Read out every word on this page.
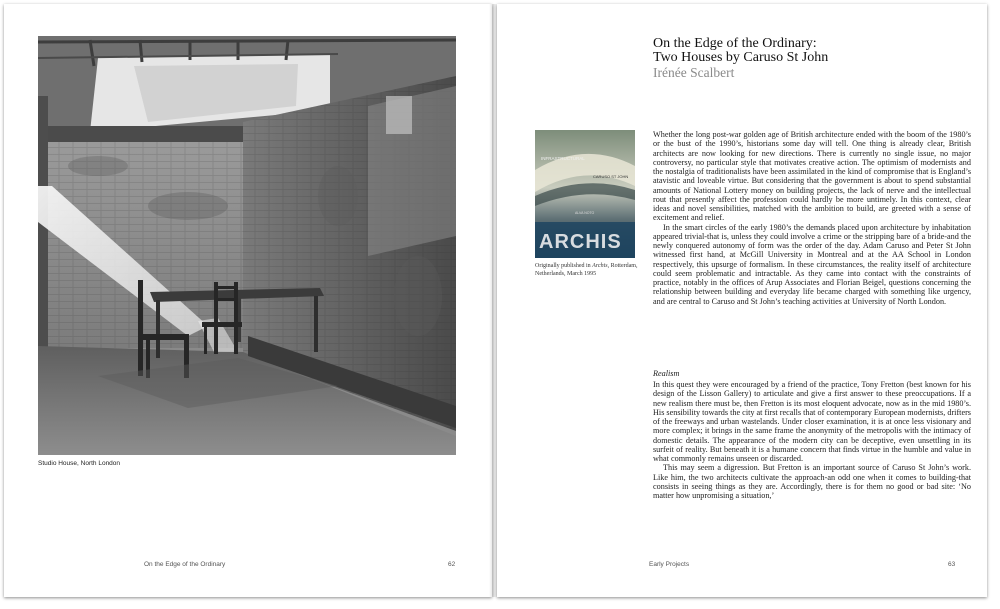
Studio House, North London
On the Edge of the Ordinary	62
On the Edge of the Ordinary:
Two Houses by Caruso St John
Irénée Scalbert
INFRASTRUCTURAL
CARUSO ST JOHN
ALVA NOTO
ARCHIS
Originally published in Archis, Rotterdam, Netherlands, March 1995

Whether the long post-war golden age of British architecture ended with the boom of the 1980’s or the bust of the 1990’s, historians some day will tell. One thing is already clear, British architects are now looking for new directions. There is currently no single issue, no major controversy, no particular style that motivates creative action. The optimism of modernists and the nostalgia of traditionalists have been assimilated in the kind of compromise that is England’s atavistic and loveable virtue. But considering that the government is about to spend substantial amounts of National Lottery money on building projects, the lack of nerve and the intellectual rout that presently affect the profession could hardly be more untimely. In this context, clear ideas and novel sensibilities, matched with the ambition to build, are greeted with a sense of excitement and relief.

In the smart circles of the early 1980’s the demands placed upon architecture by inhabitation appeared trivial-that is, unless they could involve a crime or the stripping bare of a bride-and the newly conquered autonomy of form was the order of the day. Adam Caruso and Peter St John witnessed first hand, at McGill University in Montreal and at the AA School in London respectively, this upsurge of formalism. In these circumstances, the reality itself of architecture could seem problematic and intractable. As they came into contact with the constraints of practice, notably in the offices of Arup Associates and Florian Beigel, questions concerning the relationship between building and everyday life became charged with something like urgency, and are central to Caruso and St John’s teaching activities at University of North London.

Realism

In this quest they were encouraged by a friend of the practice, Tony Fretton (best known for his design of the Lisson Gallery) to articulate and give a first answer to these preoccupations. If a new realism there must be, then Fretton is its most eloquent advocate, now as in the mid 1980’s. His sensibility towards the city at first recalls that of contemporary European modernists, drifters of the freeways and urban wastelands. Under closer examination, it is at once less visionary and more complex; it brings in the same frame the anonymity of the metropolis with the intimacy of domestic details. The appearance of the modern city can be deceptive, even unsettling in its surfeit of reality. But beneath it is a humane concern that finds virtue in the humble and value in what commonly remains unseen or discarded.

This may seem a digression. But Fretton is an important source of Caruso St John’s work. Like him, the two architects cultivate the approach-an odd one when it comes to building-that consists in seeing things as they are. Accordingly, there is for them no good or bad site: ‘No matter how unpromising a situation,’

Early Projects	63
